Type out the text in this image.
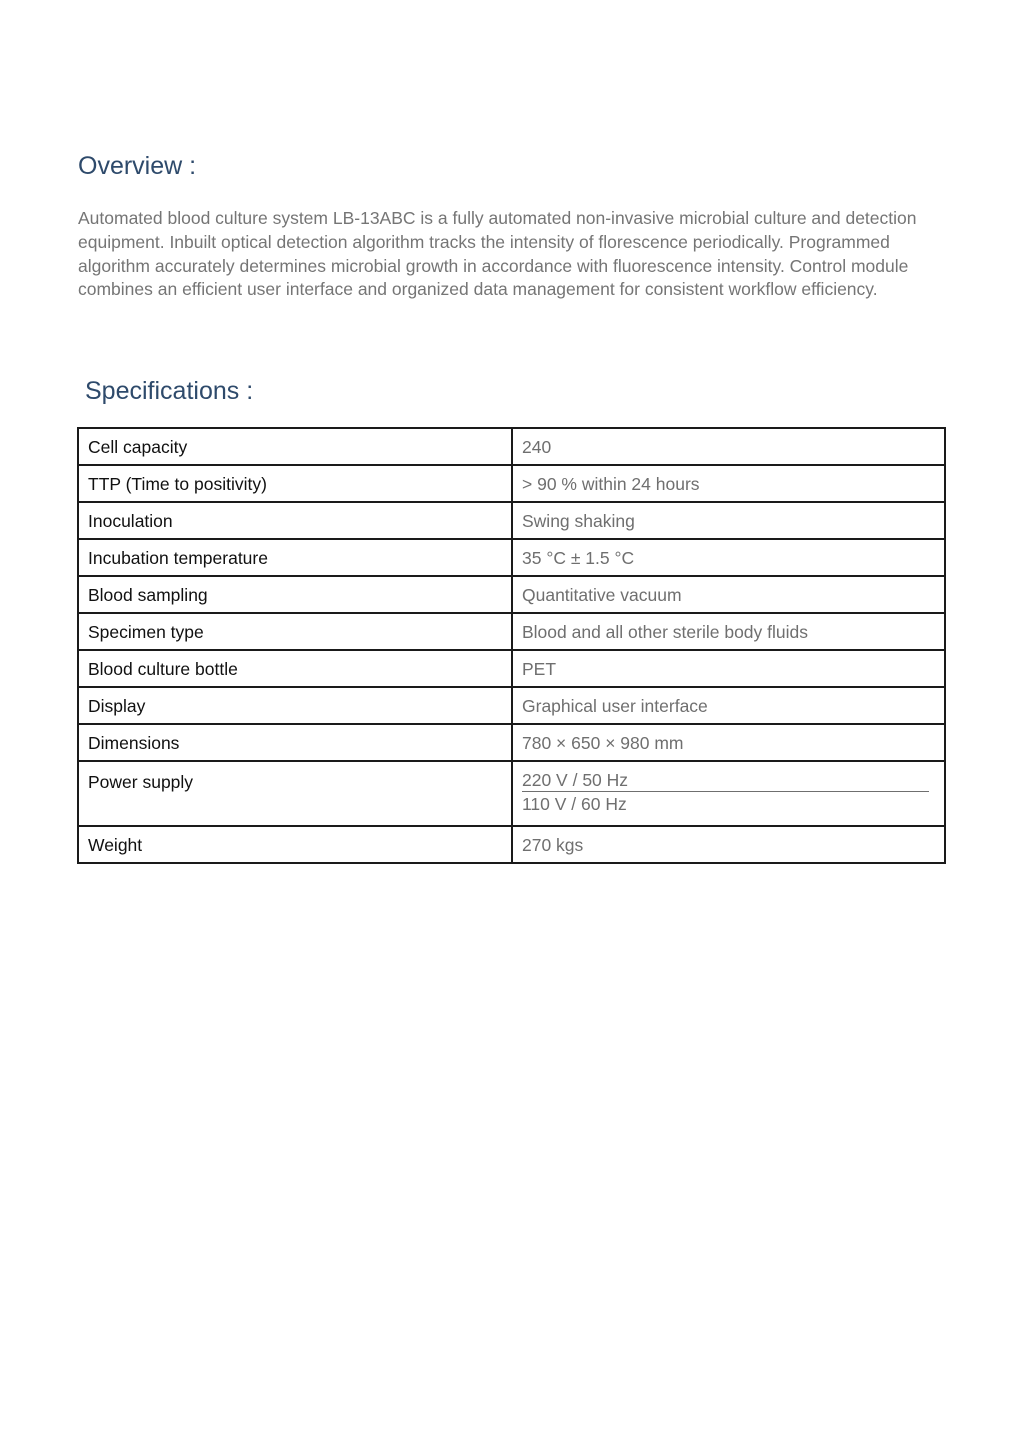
Overview :

Automated blood culture system LB-13ABC is a fully automated non-invasive microbial culture and detection equipment. Inbuilt optical detection algorithm tracks the intensity of florescence periodically. Programmed algorithm accurately determines microbial growth in accordance with fluorescence intensity. Control module combines an efficient user interface and organized data management for consistent workflow efficiency.

Specifications :
Cell capacity	240
TTP (Time to positivity)	> 90 % within 24 hours
Inoculation	Swing shaking
Incubation temperature	35 °C ± 1.5 °C
Blood sampling	Quantitative vacuum
Specimen type	Blood and all other sterile body fluids
Blood culture bottle	PET
Display	Graphical user interface
Dimensions	780 × 650 × 980 mm
Power supply	220 V / 50 Hz
110 V / 60 Hz

Weight	270 kgs
